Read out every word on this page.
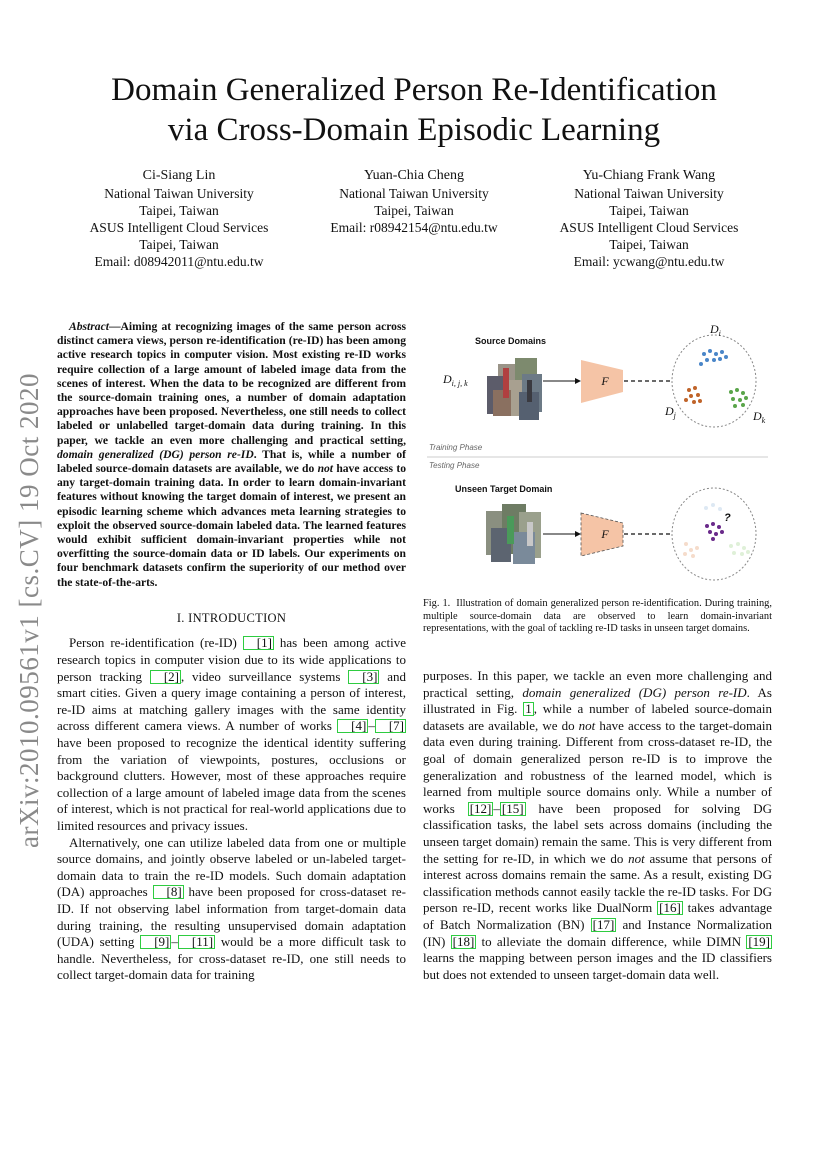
arXiv:2010.09561v1 [cs.CV] 19 Oct 2020
Domain Generalized Person Re-Identification
via Cross-Domain Episodic Learning
Ci-Siang Lin
National Taiwan University
Taipei, Taiwan
ASUS Intelligent Cloud Services
Taipei, Taiwan
Email: d08942011@ntu.edu.tw
Yuan-Chia Cheng
National Taiwan University
Taipei, Taiwan
Email: r08942154@ntu.edu.tw
Yu-Chiang Frank Wang
National Taiwan University
Taipei, Taiwan
ASUS Intelligent Cloud Services
Taipei, Taiwan
Email: ycwang@ntu.edu.tw

Abstract—Aiming at recognizing images of the same person across distinct camera views, person re-identification (re-ID) has been among active research topics in computer vision. Most existing re-ID works require collection of a large amount of labeled image data from the scenes of interest. When the data to be recognized are different from the source-domain training ones, a number of domain adaptation approaches have been proposed. Nevertheless, one still needs to collect labeled or unlabelled target-domain data during training. In this paper, we tackle an even more challenging and practical setting, domain generalized (DG) person re-ID. That is, while a number of labeled source-domain datasets are available, we do not have access to any target-domain training data. In order to learn domain-invariant features without knowing the target domain of interest, we present an episodic learning scheme which advances meta learning strategies to exploit the observed source-domain labeled data. The learned features would exhibit sufficient domain-invariant properties while not overfitting the source-domain data or ID labels. Our experiments on four benchmark datasets confirm the superiority of our method over the state-of-the-arts.

I. INTRODUCTION

Person re-identification (re-ID) [1] has been among active research topics in computer vision due to its wide applications to person tracking [2] , video surveillance systems [3] and smart cities. Given a query image containing a person of interest, re-ID aims at matching gallery images with the same identity across different camera views. A number of works [4] – [7] have been proposed to recognize the identical identity suffering from the variation of viewpoints, postures, occlusions or background clutters. However, most of these approaches require collection of a large amount of labeled image data from the scenes of interest, which is not practical for real-world applications due to limited resources and privacy issues.

Alternatively, one can utilize labeled data from one or multiple source domains, and jointly observe labeled or un-labeled target-domain data to train the re-ID models. Such domain adaptation (DA) approaches [8] have been proposed for cross-dataset re-ID. If not observing label information from target-domain data during training, the resulting unsupervised domain adaptation (UDA) setting [9] – [11] would be a more difficult task to handle. Nevertheless, for cross-dataset re-ID, one still needs to collect target-domain data for training

Source Domains
$D_{i, j, k}$	F
$D_i$
$D_j$	$D_k$
Training Phase
Testing Phase
Unseen Target Domain
F
?
Fig. 1. Illustration of domain generalized person re-identification. During training, multiple source-domain data are observed to learn domain-invariant representations, with the goal of tackling re-ID tasks in unseen target domains.

purposes. In this paper, we tackle an even more challenging and practical setting, domain generalized (DG) person re-ID. As illustrated in Fig. 1 , while a number of labeled source-domain datasets are available, we do not have access to the target-domain data even during training. Different from cross-dataset re-ID, the goal of domain generalized person re-ID is to improve the generalization and robustness of the learned model, which is learned from multiple source domains only. While a number of works [12] – [15] have been proposed for solving DG classification tasks, the label sets across domains (including the unseen target domain) remain the same. This is very different from the setting for re-ID, in which we do not assume that persons of interest across domains remain the same. As a result, existing DG classification methods cannot easily tackle the re-ID tasks. For DG person re-ID, recent works like DualNorm [16] takes advantage of Batch Normalization (BN) [17] and Instance Normalization (IN) [18] to alleviate the domain difference, while DIMN [19] learns the mapping between person images and the ID classifiers but does not extended to unseen target-domain data well.
